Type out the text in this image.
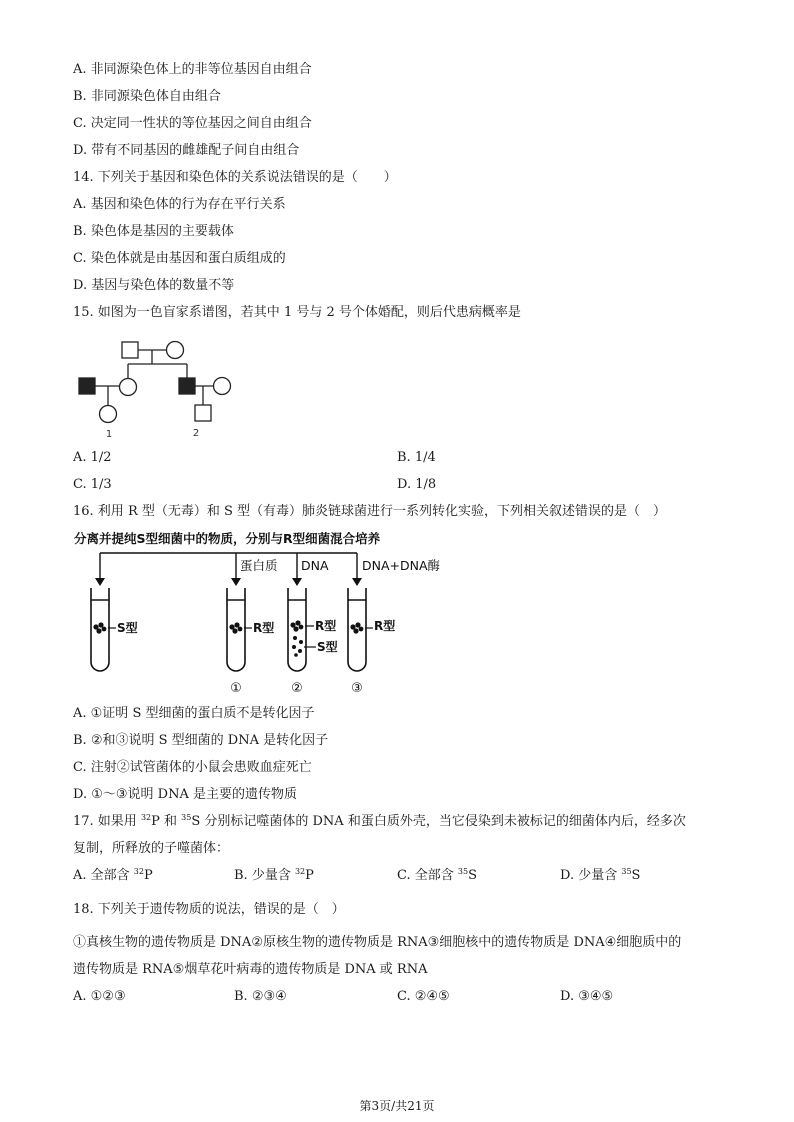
A. 非同源染色体上的非等位基因自由组合
B. 非同源染色体自由组合
C. 决定同一性状的等位基因之间自由组合
D. 带有不同基因的雌雄配子间自由组合
14. 下列关于基因和染色体的关系说法错误的是（　　）
A. 基因和染色体的行为存在平行关系
B. 染色体是基因的主要载体
C. 染色体就是由基因和蛋白质组成的
D. 基因与染色体的数量不等
15. 如图为一色盲家系谱图，若其中 1 号与 2 号个体婚配，则后代患病概率是
1	2
A. 1/2	B. 1/4
C. 1/3	D. 1/8
16. 利用 R 型（无毒）和 S 型（有毒）肺炎链球菌进行一系列转化实验，下列相关叙述错误的是（　）
分离并提纯S型细菌中的物质，分别与R型细菌混合培养
蛋白质 DNA	DNA+DNA酶
S型	R型	R型
S型
R型
①	②	③
A. ①证明 S 型细菌的蛋白质不是转化因子
B. ②和③说明 S 型细菌的 DNA 是转化因子
C. 注射②试管菌体的小鼠会患败血症死亡
D. ①～③说明 DNA 是主要的遗传物质
17. 如果用 $^{32}$P 和 $^{35}$S 分别标记噬菌体的 DNA 和蛋白质外壳，当它侵染到未被标记的细菌体内后，经多次
复制，所释放的子噬菌体：
A. 全部含 $^{32}$P	B. 少量含 $^{32}$P	C. 全部含 $^{35}$S	D. 少量含 $^{35}$S
18. 下列关于遗传物质的说法，错误的是（　）
①真核生物的遗传物质是 DNA②原核生物的遗传物质是 RNA③细胞核中的遗传物质是 DNA④细胞质中的
遗传物质是 RNA⑤烟草花叶病毒的遗传物质是 DNA 或 RNA
A. ①②③	B. ②③④	C. ②④⑤	D. ③④⑤
第3页/共21页
